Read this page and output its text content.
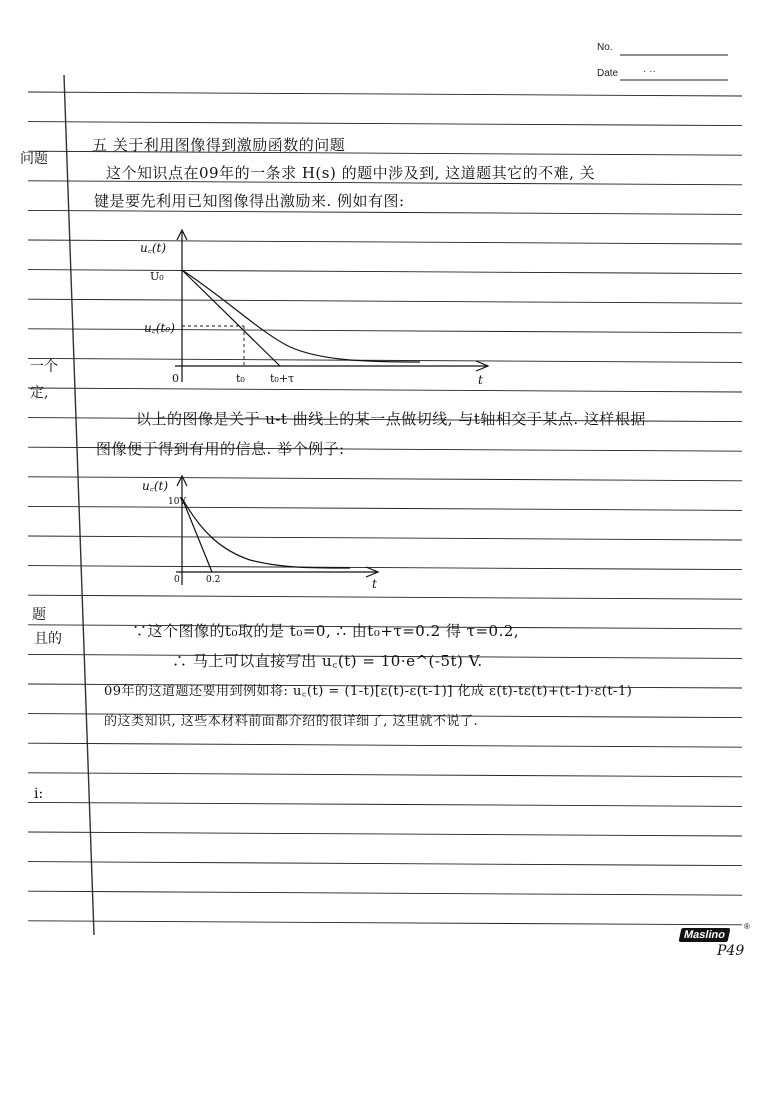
No.
Date · ··
五 关于利用图像得到激励函数的问题
这个知识点在09年的一条求 H(s) 的题中涉及到, 这道题其它的不难, 关
键是要先利用已知图像得出激励来. 例如有图:
u꜀(t)
U₀
u꜀(t₀)
0	t₀ t₀+τ	t
以上的图像是关于 u-t 曲线上的某一点做切线, 与t轴相交于某点. 这样根据
图像便于得到有用的信息. 举个例子:
u꜀(t)
10V
0	0.2	t
∵这个图像的t₀取的是 t₀=0, ∴ 由t₀+τ=0.2 得 τ=0.2,
∴ 马上可以直接写出 u꜀(t) = 10·e^(-5t) V.
09年的这道题还要用到例如将: u꜀(t) = (1-t)[ε(t)-ε(t-1)] 化成 ε(t)-tε(t)+(t-1)·ε(t-1)
的这类知识, 这些本材料前面都介绍的很详细了, 这里就不说了.
问题
一个
定,
题
且的
i:
Maslino
®
P49
